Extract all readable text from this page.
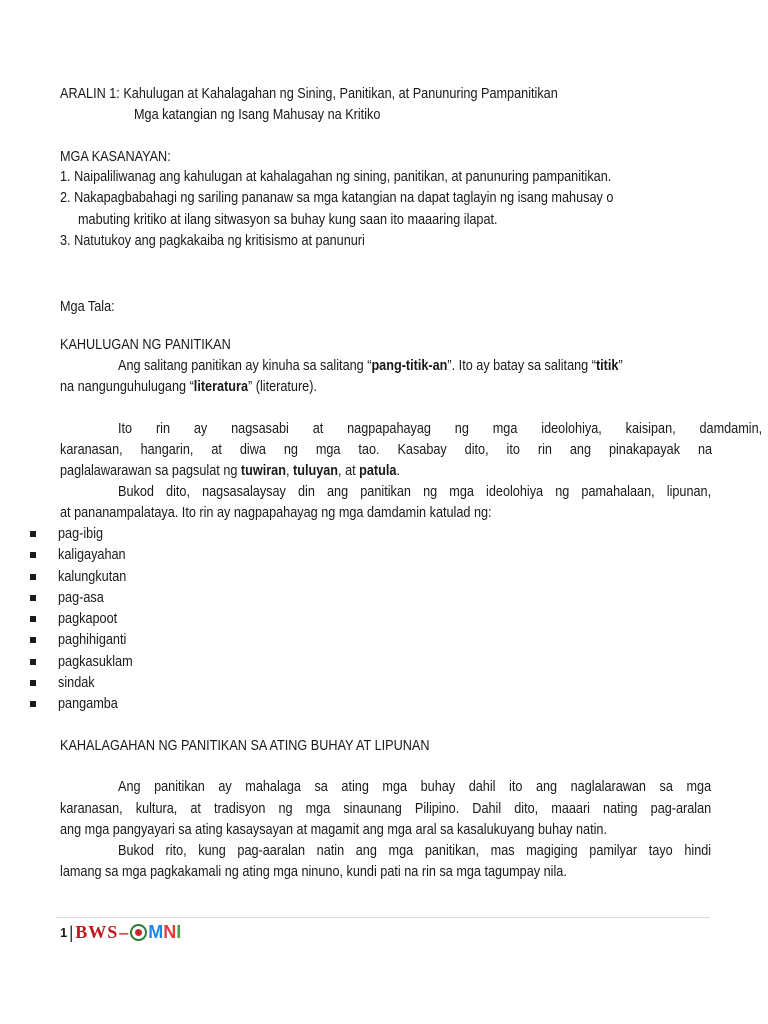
ARALIN 1: Kahulugan at Kahalagahan ng Sining, Panitikan, at Panunuring Pampanitikan
Mga katangian ng Isang Mahusay na Kritiko
MGA KASANAYAN:
1. Naipaliliwanag ang kahulugan at kahalagahan ng sining, panitikan, at panunuring pampanitikan.
2. Nakapagbabahagi ng sariling pananaw sa mga katangian na dapat taglayin ng isang mahusay o
mabuting kritiko at ilang sitwasyon sa buhay kung saan ito maaaring ilapat.
3. Natutukoy ang pagkakaiba ng kritisismo at panunuri
Mga Tala:
KAHULUGAN NG PANITIKAN
Ang salitang panitikan ay kinuha sa salitang “pang-titik-an”. Ito ay batay sa salitang “titik”
na nangunguhulugang “literatura” (literature).
Ito rin ay nagsasabi at nagpapahayag ng mga ideolohiya, kaisipan, damdamin,
karanasan, hangarin, at diwa ng mga tao. Kasabay dito, ito rin ang pinakapayak na
paglalawarawan sa pagsulat ng tuwiran, tuluyan, at patula.
Bukod dito, nagsasalaysay din ang panitikan ng mga ideolohiya ng pamahalaan, lipunan,
at pananampalataya. Ito rin ay nagpapahayag ng mga damdamin katulad ng:
pag-ibig
kaligayahan
kalungkutan
pag-asa
pagkapoot
paghihiganti
pagkasuklam
sindak
pangamba
KAHALAGAHAN NG PANITIKAN SA ATING BUHAY AT LIPUNAN
Ang panitikan ay mahalaga sa ating mga buhay dahil ito ang naglalarawan sa mga
karanasan, kultura, at tradisyon ng mga sinaunang Pilipino. Dahil dito, maaari nating pag-aralan
ang mga pangyayari sa ating kasaysayan at magamit ang mga aral sa kasalukuyang buhay natin.
Bukod rito, kung pag-aaralan natin ang mga panitikan, mas magiging pamilyar tayo hindi
lamang sa mga pagkakamali ng ating mga ninuno, kundi pati na rin sa mga tagumpay nila.
1 | BWS – M N I
